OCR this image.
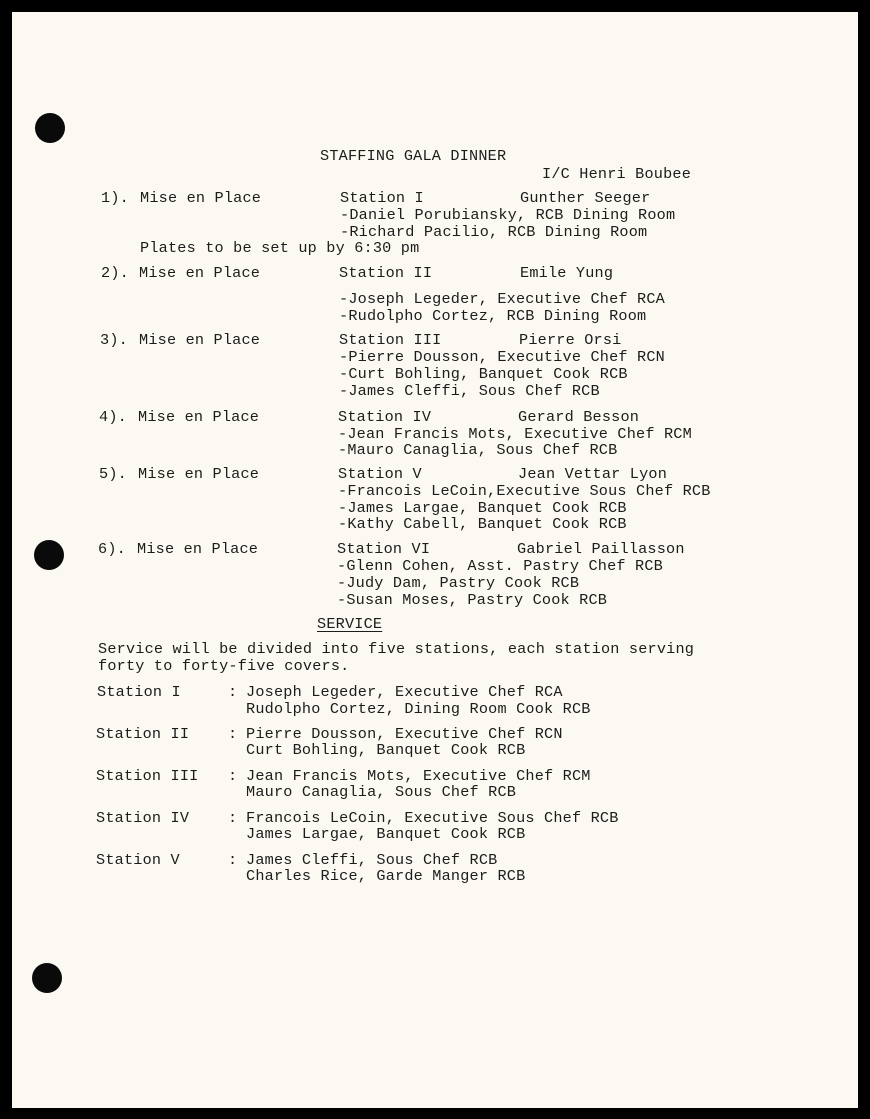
STAFFING GALA DINNER
I/C Henri Boubee
1). Mise en Place	Station I	Gunther Seeger
-Daniel Porubiansky, RCB Dining Room
-Richard Pacilio, RCB Dining Room
Plates to be set up by 6:30 pm
2). Mise en Place	Station II	Emile Yung
-Joseph Legeder, Executive Chef RCA
-Rudolpho Cortez, RCB Dining Room
3). Mise en Place	Station III	Pierre Orsi
-Pierre Dousson, Executive Chef RCN
-Curt Bohling, Banquet Cook RCB
-James Cleffi, Sous Chef RCB
4). Mise en Place	Station IV	Gerard Besson
-Jean Francis Mots, Executive Chef RCM
-Mauro Canaglia, Sous Chef RCB
5). Mise en Place	Station V	Jean Vettar Lyon
-Francois LeCoin,Executive Sous Chef RCB
-James Largae, Banquet Cook RCB
-Kathy Cabell, Banquet Cook RCB
6). Mise en Place	Station VI	Gabriel Paillasson
-Glenn Cohen, Asst. Pastry Chef RCB
-Judy Dam, Pastry Cook RCB
-Susan Moses, Pastry Cook RCB
SERVICE
Service will be divided into five stations, each station serving
forty to forty-five covers.
Station I	: Joseph Legeder, Executive Chef RCA
Rudolpho Cortez, Dining Room Cook RCB
Station II	: Pierre Dousson, Executive Chef RCN
Curt Bohling, Banquet Cook RCB
Station III : Jean Francis Mots, Executive Chef RCM
Mauro Canaglia, Sous Chef RCB
Station IV	: Francois LeCoin, Executive Sous Chef RCB
James Largae, Banquet Cook RCB
Station V	: James Cleffi, Sous Chef RCB
Charles Rice, Garde Manger RCB
